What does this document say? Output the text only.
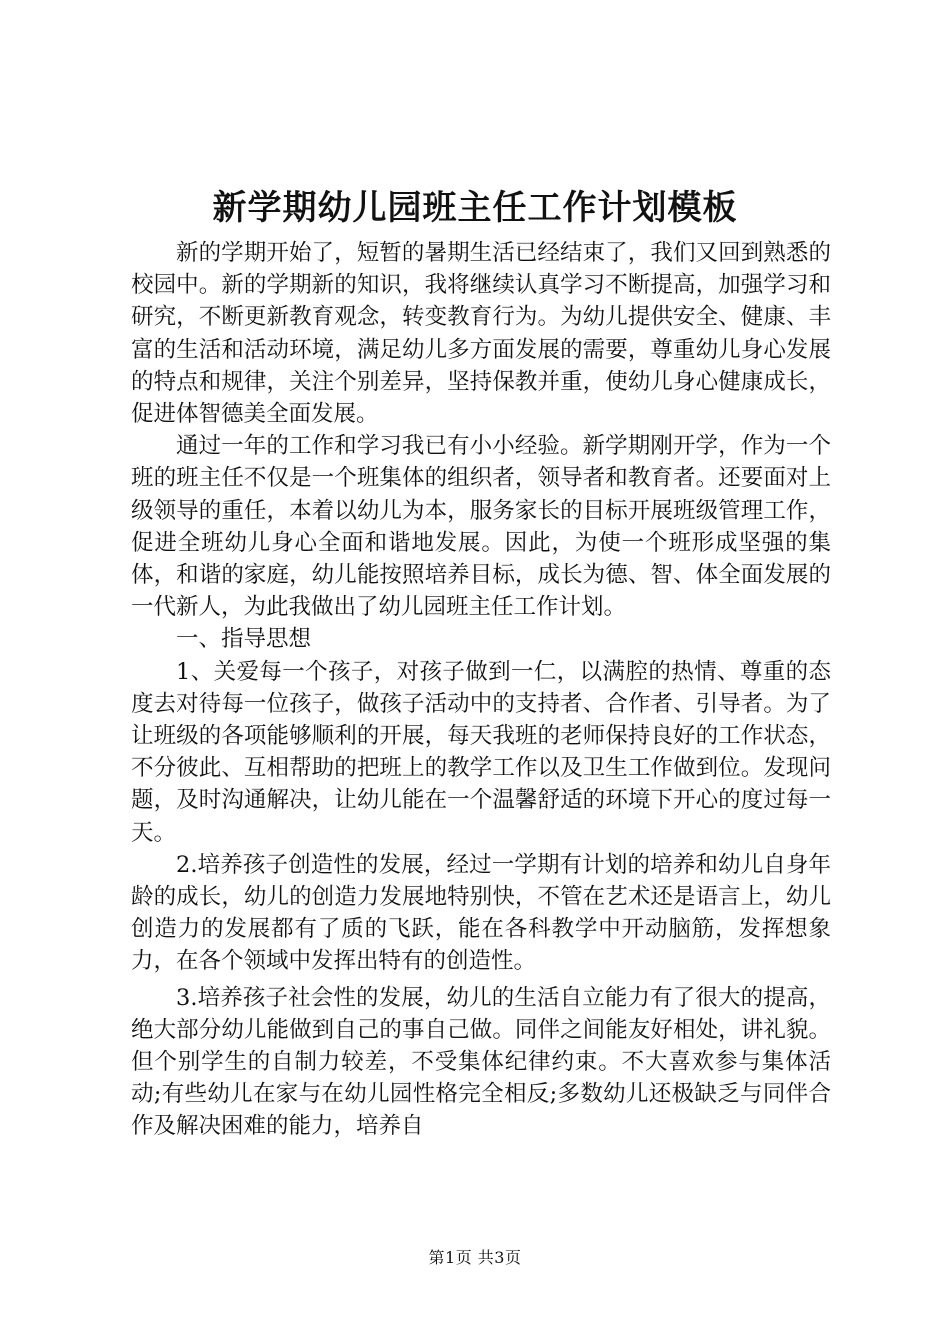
新学期幼儿园班主任工作计划模板

新的学期开始了，短暂的暑期生活已经结束了，我们又回到熟悉的校园中。新的学期新的知识，我将继续认真学习不断提高，加强学习和研究，不断更新教育观念，转变教育行为。为幼儿提供安全、健康、丰富的生活和活动环境，满足幼儿多方面发展的需要，尊重幼儿身心发展的特点和规律，关注个别差异，坚持保教并重，使幼儿身心健康成长，促进体智德美全面发展。

通过一年的工作和学习我已有小小经验。新学期刚开学，作为一个班的班主任不仅是一个班集体的组织者，领导者和教育者。还要面对上级领导的重任，本着以幼儿为本，服务家长的目标开展班级管理工作，促进全班幼儿身心全面和谐地发展。因此，为使一个班形成坚强的集体，和谐的家庭，幼儿能按照培养目标，成长为德、智、体全面发展的一代新人，为此我做出了幼儿园班主任工作计划。

一、指导思想

1、关爱每一个孩子，对孩子做到一仁，以满腔的热情、尊重的态度去对待每一位孩子，做孩子活动中的支持者、合作者、引导者。为了让班级的各项能够顺利的开展，每天我班的老师保持良好的工作状态，不分彼此、互相帮助的把班上的教学工作以及卫生工作做到位。发现问题，及时沟通解决，让幼儿能在一个温馨舒适的环境下开心的度过每一天。

2.培养孩子创造性的发展，经过一学期有计划的培养和幼儿自身年龄的成长，幼儿的创造力发展地特别快，不管在艺术还是语言上，幼儿创造力的发展都有了质的飞跃，能在各科教学中开动脑筋，发挥想象力，在各个领域中发挥出特有的创造性。

3.培养孩子社会性的发展，幼儿的生活自立能力有了很大的提高，绝大部分幼儿能做到自己的事自己做。同伴之间能友好相处，讲礼貌。但个别学生的自制力较差，不受集体纪律约束。不大喜欢参与集体活动;有些幼儿在家与在幼儿园性格完全相反;多数幼儿还极缺乏与同伴合作及解决困难的能力，培养自

第1页 共3页
